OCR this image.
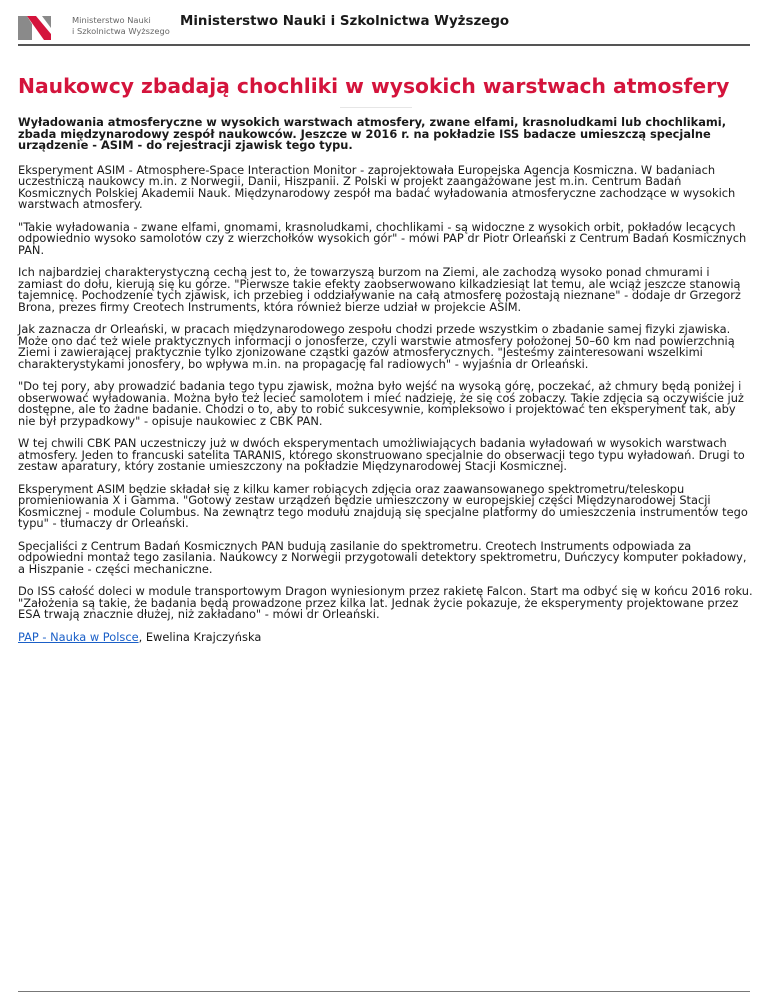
Ministerstwo Nauki
i Szkolnictwa Wyższego
Ministerstwo Nauki i Szkolnictwa Wyższego
Naukowcy zbadają chochliki w wysokich warstwach atmosfery

Wyładowania atmosferyczne w wysokich warstwach atmosfery, zwane elfami, krasnoludkami lub chochlikami, zbada międzynarodowy zespół naukowców. Jeszcze w 2016 r. na pokładzie ISS badacze umieszczą specjalne urządzenie - ASIM - do rejestracji zjawisk tego typu.

Eksperyment ASIM - Atmosphere-Space Interaction Monitor - zaprojektowała Europejska Agencja Kosmiczna. W badaniach uczestniczą naukowcy m.in. z Norwegii, Danii, Hiszpanii. Z Polski w projekt zaangażowane jest m.in. Centrum Badań Kosmicznych Polskiej Akademii Nauk. Międzynarodowy zespół ma badać wyładowania atmosferyczne zachodzące w wysokich warstwach atmosfery.

"Takie wyładowania - zwane elfami, gnomami, krasnoludkami, chochlikami - są widoczne z wysokich orbit, pokładów lecących odpowiednio wysoko samolotów czy z wierzchołków wysokich gór" - mówi PAP dr Piotr Orleański z Centrum Badań Kosmicznych PAN.

Ich najbardziej charakterystyczną cechą jest to, że towarzyszą burzom na Ziemi, ale zachodzą wysoko ponad chmurami i zamiast do dołu, kierują się ku górze. "Pierwsze takie efekty zaobserwowano kilkadziesiąt lat temu, ale wciąż jeszcze stanowią tajemnicę. Pochodzenie tych zjawisk, ich przebieg i oddziaływanie na całą atmosferę pozostają nieznane" - dodaje dr Grzegorz Brona, prezes firmy Creotech Instruments, która również bierze udział w projekcie ASIM.

Jak zaznacza dr Orleański, w pracach międzynarodowego zespołu chodzi przede wszystkim o zbadanie samej fizyki zjawiska. Może ono dać też wiele praktycznych informacji o jonosferze, czyli warstwie atmosfery położonej 50–60 km nad powierzchnią Ziemi i zawierającej praktycznie tylko zjonizowane cząstki gazów atmosferycznych. "Jesteśmy zainteresowani wszelkimi charakterystykami jonosfery, bo wpływa m.in. na propagację fal radiowych" - wyjaśnia dr Orleański.

"Do tej pory, aby prowadzić badania tego typu zjawisk, można było wejść na wysoką górę, poczekać, aż chmury będą poniżej i obserwować wyładowania. Można było też lecieć samolotem i mieć nadzieję, że się coś zobaczy. Takie zdjęcia są oczywiście już dostępne, ale to żadne badanie. Chodzi o to, aby to robić sukcesywnie, kompleksowo i projektować ten eksperyment tak, aby nie był przypadkowy" - opisuje naukowiec z CBK PAN.

W tej chwili CBK PAN uczestniczy już w dwóch eksperymentach umożliwiających badania wyładowań w wysokich warstwach atmosfery. Jeden to francuski satelita TARANIS, którego skonstruowano specjalnie do obserwacji tego typu wyładowań. Drugi to zestaw aparatury, który zostanie umieszczony na pokładzie Międzynarodowej Stacji Kosmicznej.

Eksperyment ASIM będzie składał się z kilku kamer robiących zdjęcia oraz zaawansowanego spektrometru/teleskopu promieniowania X i Gamma. "Gotowy zestaw urządzeń będzie umieszczony w europejskiej części Międzynarodowej Stacji Kosmicznej - module Columbus. Na zewnątrz tego modułu znajdują się specjalne platformy do umieszczenia instrumentów tego typu" - tłumaczy dr Orleański.

Specjaliści z Centrum Badań Kosmicznych PAN budują zasilanie do spektrometru. Creotech Instruments odpowiada za odpowiedni montaż tego zasilania. Naukowcy z Norwegii przygotowali detektory spektrometru, Duńczycy komputer pokładowy, a Hiszpanie - części mechaniczne.

Do ISS całość doleci w module transportowym Dragon wyniesionym przez rakietę Falcon. Start ma odbyć się w końcu 2016 roku. "Założenia są takie, że badania będą prowadzone przez kilka lat. Jednak życie pokazuje, że eksperymenty projektowane przez ESA trwają znacznie dłużej, niż zakładano" - mówi dr Orleański.

PAP - Nauka w Polsce, Ewelina Krajczyńska
